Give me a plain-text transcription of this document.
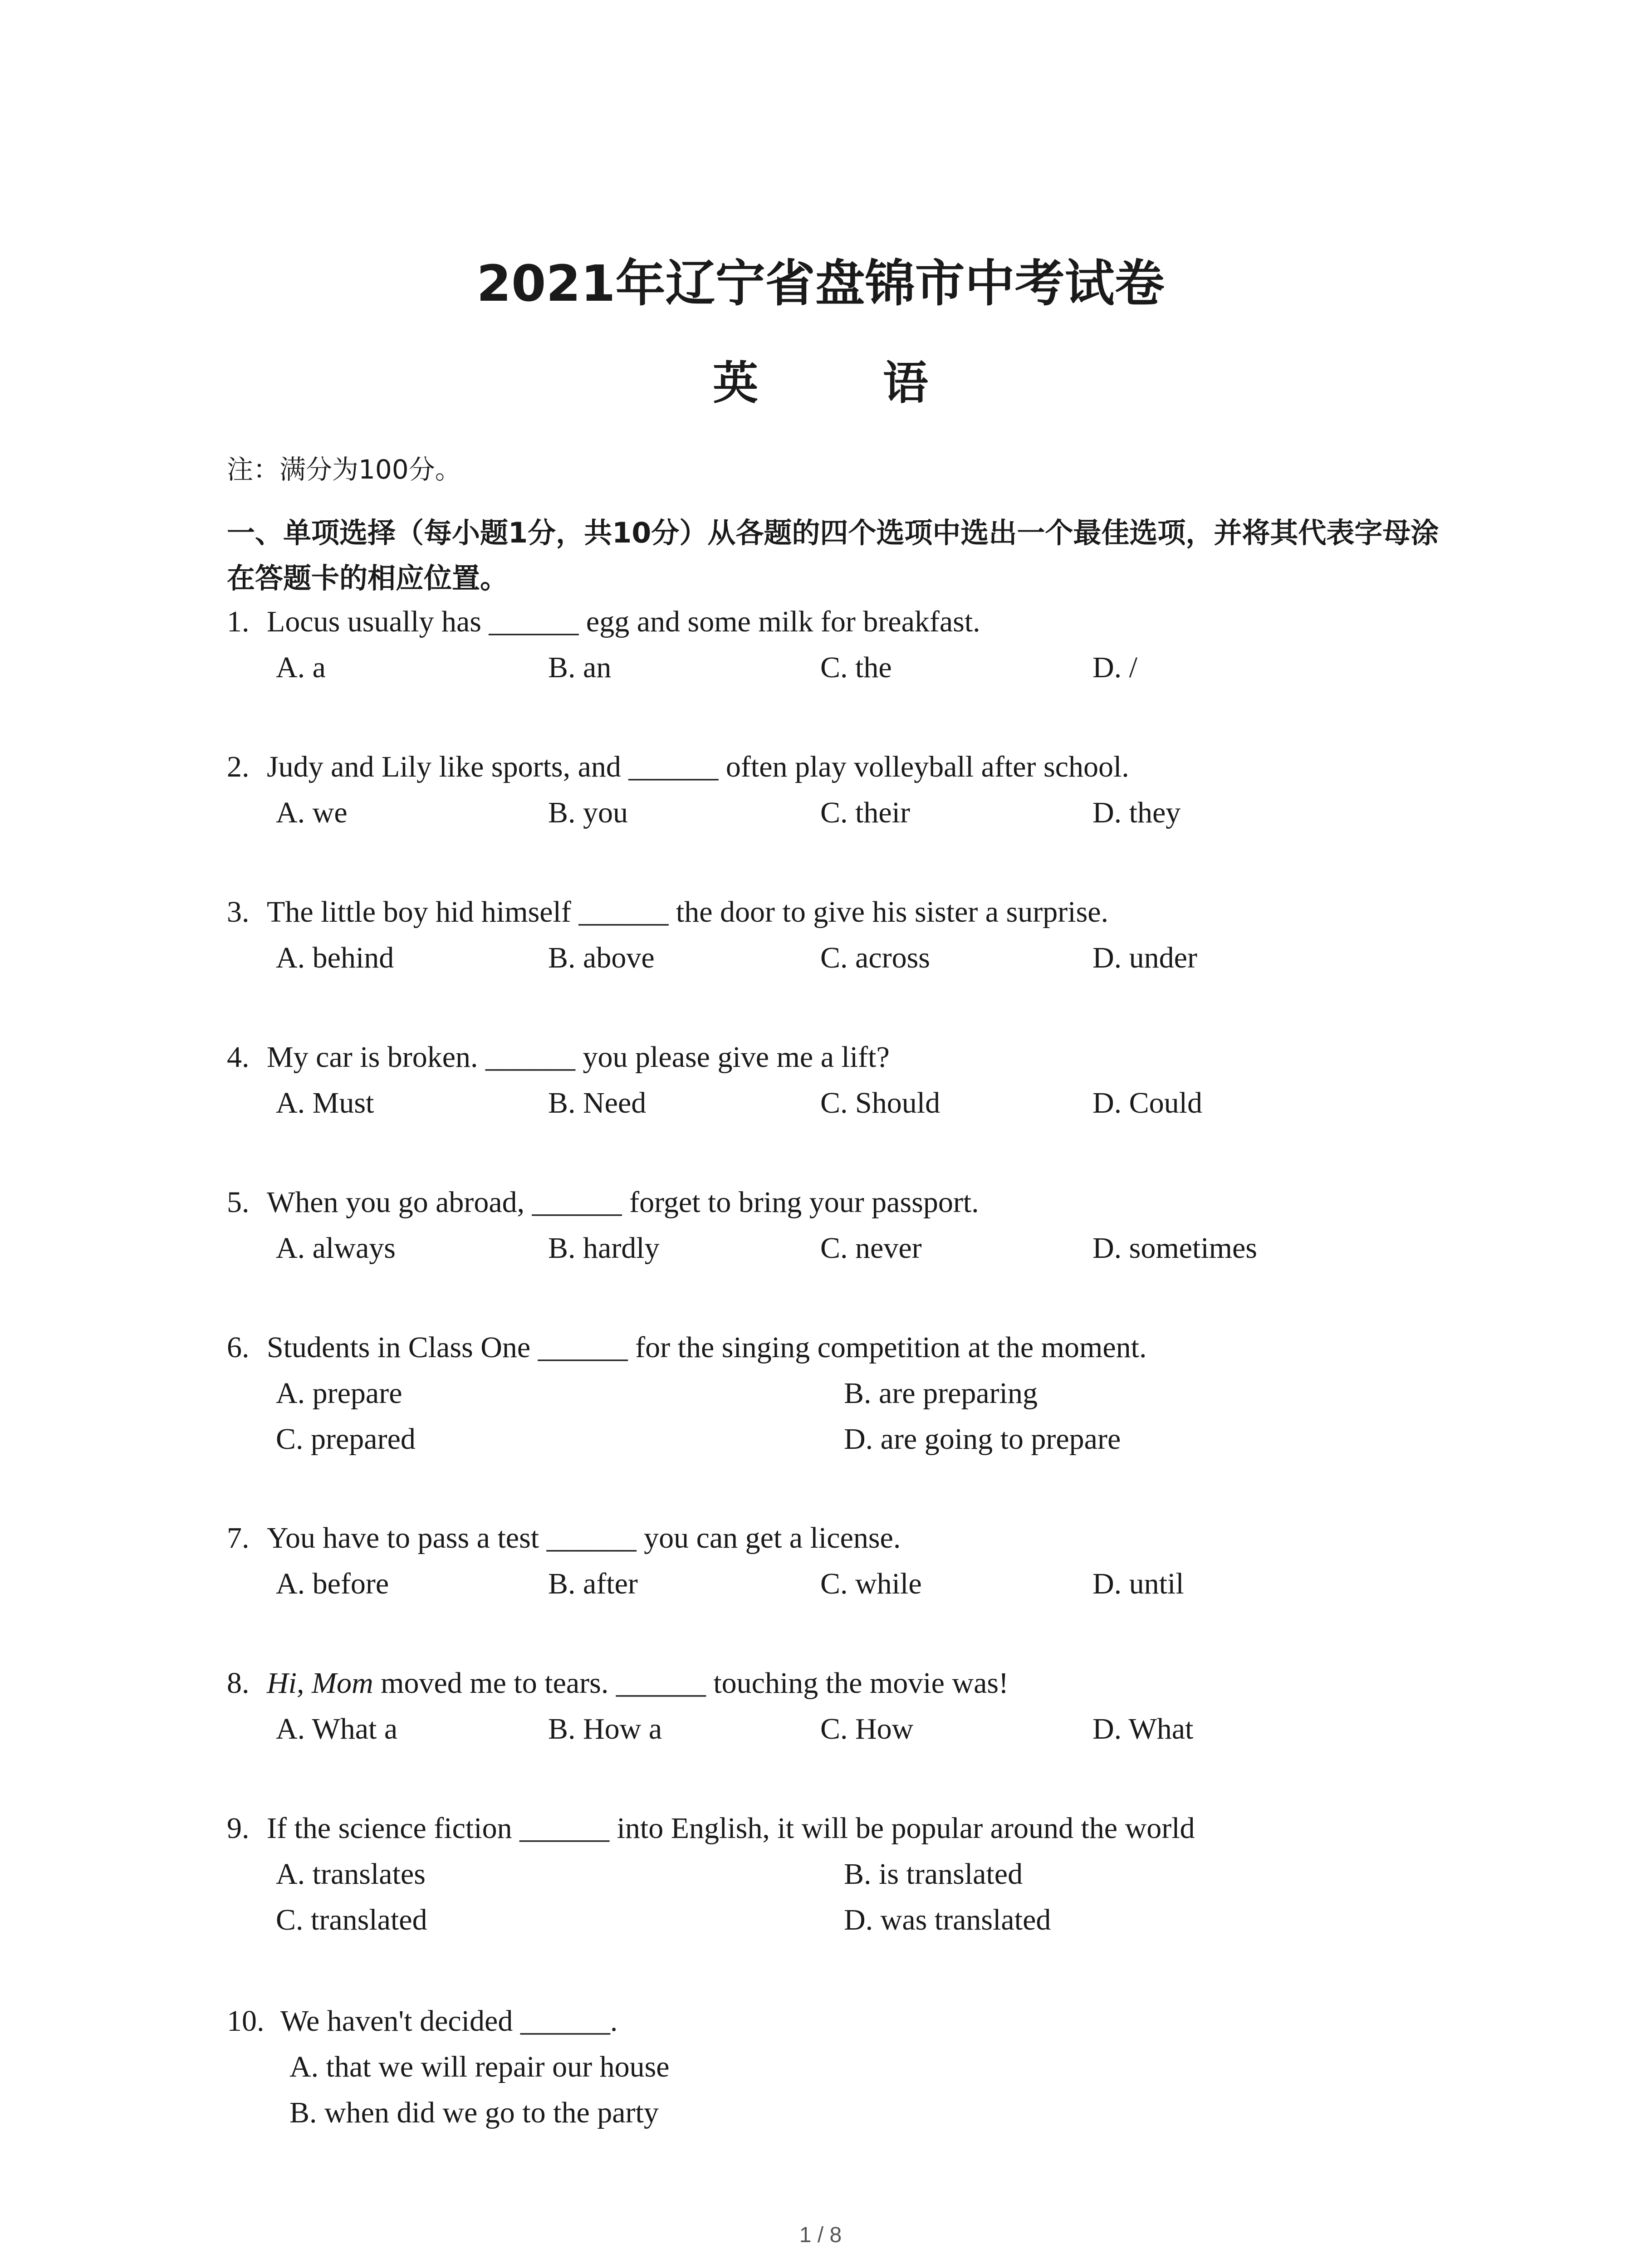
2021年辽宁省盘锦市中考试卷
英 语
注：满分为100分。
一、单项选择（每小题1分，共10分）从各题的四个选项中选出一个最佳选项，并将其代表字母涂在答题卡的相应位置。
1. Locus usually has ______ egg and some milk for breakfast.
A. a	B. an	C. the	D. /
2. Judy and Lily like sports, and ______ often play volleyball after school.
A. we	B. you	C. their	D. they
3. The little boy hid himself ______ the door to give his sister a surprise.
A. behind	B. above	C. across	D. under
4. My car is broken. ______ you please give me a lift?
A. Must	B. Need	C. Should	D. Could
5. When you go abroad, ______ forget to bring your passport.
A. always	B. hardly	C. never	D. sometimes
6. Students in Class One ______ for the singing competition at the moment.
A. prepare	B. are preparing
C. prepared	D. are going to prepare
7. You have to pass a test ______ you can get a license.
A. before	B. after	C. while	D. until
8. Hi, Mom moved me to tears. ______ touching the movie was!
A. What a	B. How a	C. How	D. What
9. If the science fiction ______ into English, it will be popular around the world
A. translates	B. is translated
C. translated	D. was translated
10. We haven't decided ______.
A. that we will repair our house
B. when did we go to the party
1 / 8
